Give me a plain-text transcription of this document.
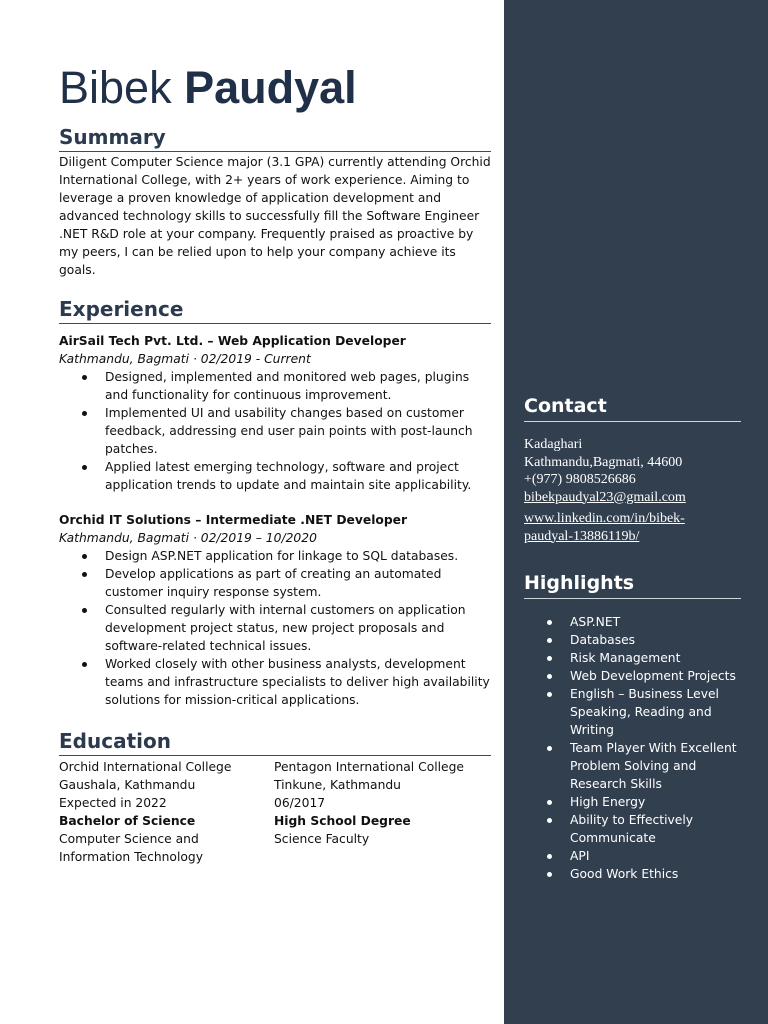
Bibek Paudyal
Summary

Diligent Computer Science major (3.1 GPA) currently attending Orchid International College, with 2+ years of work experience. Aiming to leverage a proven knowledge of application development and advanced technology skills to successfully fill the Software Engineer .NET R&D role at your company. Frequently praised as proactive by my peers, I can be relied upon to help your company achieve its goals.

Experience
AirSail Tech Pvt. Ltd. – Web Application Developer
Kathmandu, Bagmati · 02/2019 - Current
Designed, implemented and monitored web pages, plugins and functionality for continuous improvement.
Implemented UI and usability changes based on customer feedback, addressing end user pain points with post-launch patches.
Applied latest emerging technology, software and project application trends to update and maintain site applicability.
Orchid IT Solutions – Intermediate .NET Developer
Kathmandu, Bagmati · 02/2019 – 10/2020
Design ASP.NET application for linkage to SQL databases.
Develop applications as part of creating an automated customer inquiry response system.
Consulted regularly with internal customers on application development project status, new project proposals and software-related technical issues.
Worked closely with other business analysts, development teams and infrastructure specialists to deliver high availability solutions for mission-critical applications.
Education
Orchid International College
Gaushala, Kathmandu
Expected in 2022
Bachelor of Science
Computer Science and Information Technology
Pentagon International College
Tinkune, Kathmandu
06/2017
High School Degree
Science Faculty
Contact
Kadaghari
Kathmandu,Bagmati, 44600
+(977) 9808526686
bibekpaudyal23@gmail.com
www.linkedin.com/in/bibek-
paudyal-13886119b/
Highlights
ASP.NET
Databases
Risk Management
Web Development Projects
English – Business Level Speaking, Reading and Writing
Team Player With Excellent Problem Solving and Research Skills
High Energy
Ability to Effectively Communicate
API
Good Work Ethics
